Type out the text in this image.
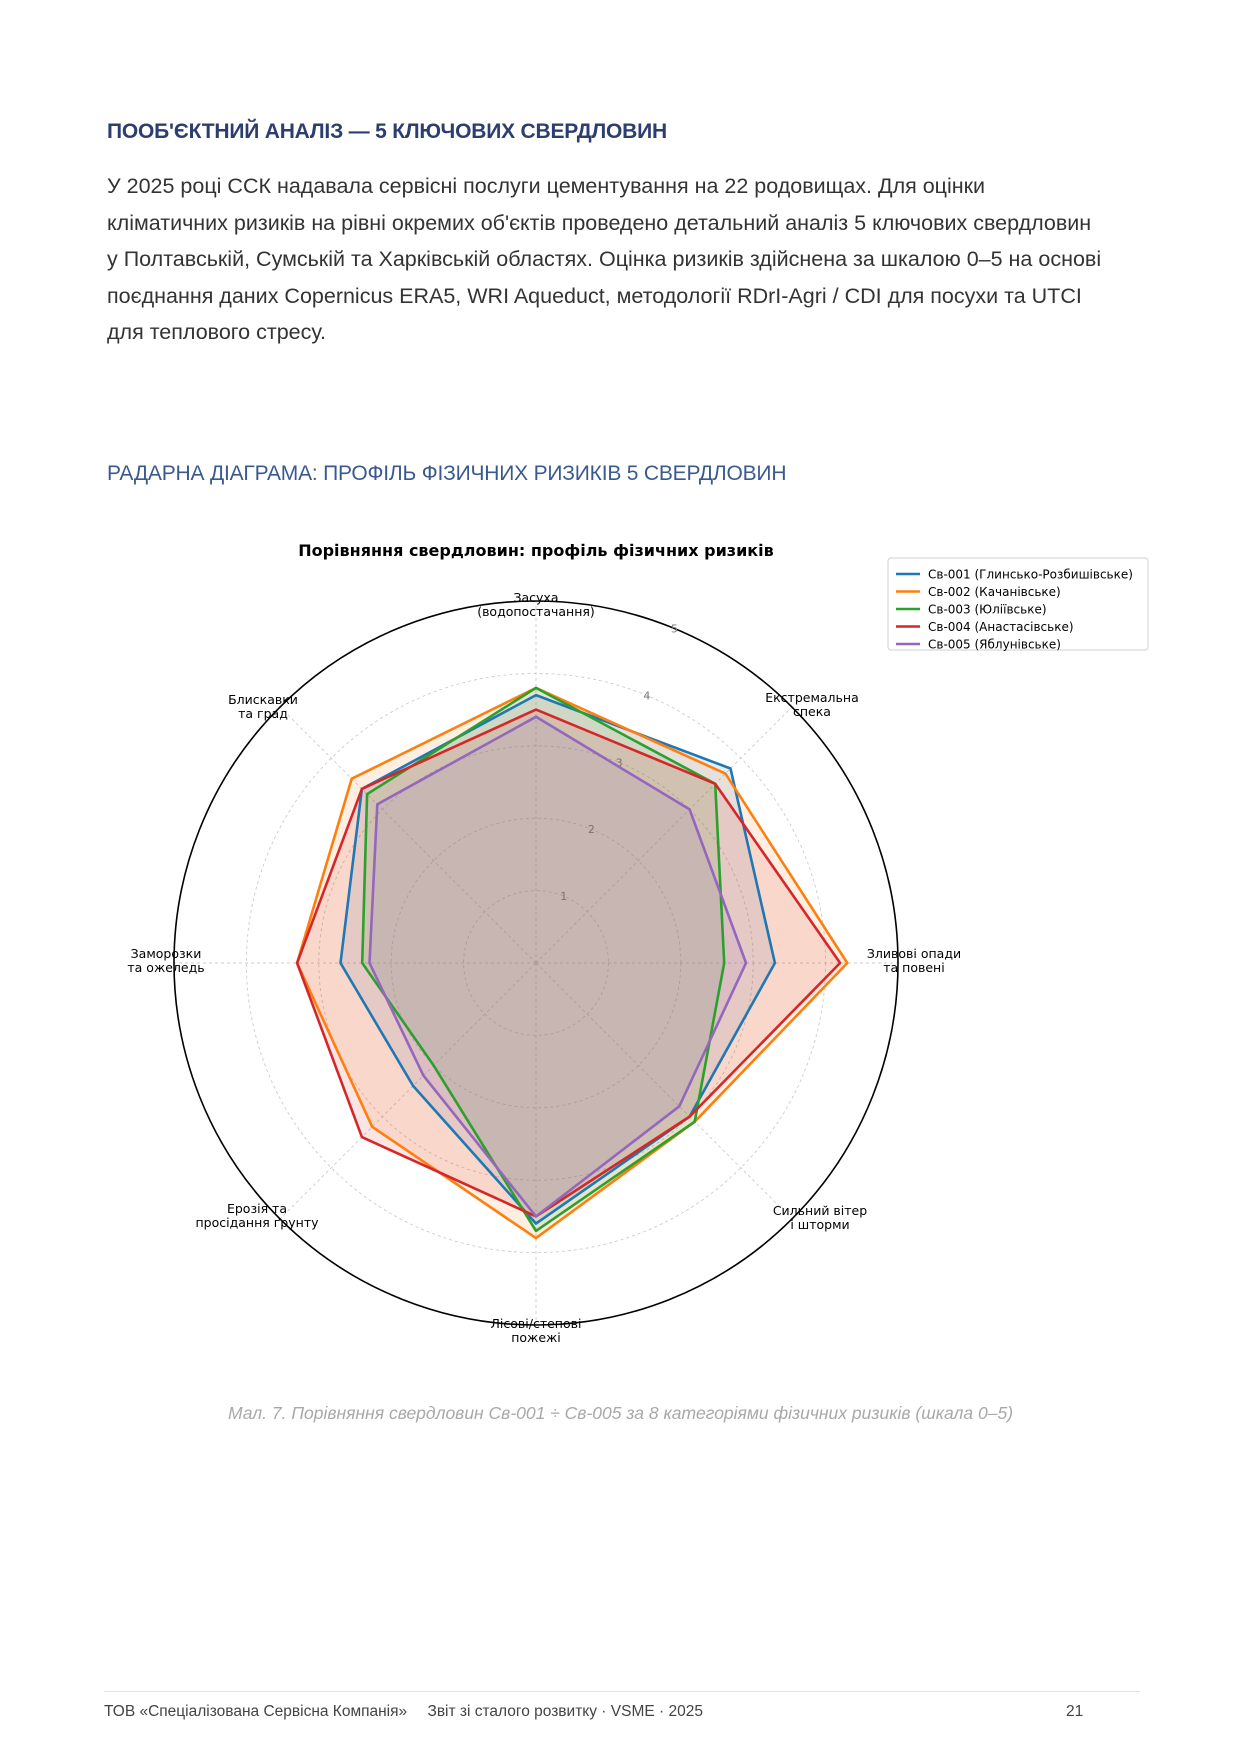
ПООБ'ЄКТНИЙ АНАЛІЗ — 5 КЛЮЧОВИХ СВЕРДЛОВИН

У 2025 році ССК надавала сервісні послуги цементування на 22 родовищах. Для оцінки кліматичних ризиків на рівні окремих об'єктів проведено детальний аналіз 5 ключових свердловин у Полтавській, Сумській та Харківській областях. Оцінка ризиків здійснена за шкалою 0–5 на основі поєднання даних Copernicus ERA5, WRI Aqueduct, методології RDrI-Agri / CDI для посухи та UTCI для теплового стресу.

РАДАРНА ДІАГРАМА: ПРОФІЛЬ ФІЗИЧНИХ РИЗИКІВ 5 СВЕРДЛОВИН
Порівняння свердловин: профіль фізичних ризиків
1
2
3
4
5
Засуха
(водопостачання)
Екстремальна
спека
Зливові опади
та повені
Сильний вітер
і шторми
Лісові/степові
пожежі
Ерозія та
просідання ґрунту
Заморозки
та ожеледь
Блискавки
та град
Св-001 (Глинсько-Розбишівське)
Св-002 (Качанівське)
Св-003 (Юліївське)
Св-004 (Анастасівське)
Св-005 (Яблунівське)
Мал. 7. Порівняння свердловин Св-001 ÷ Св-005 за 8 категоріями фізичних ризиків (шкала 0–5)
ТОВ «Спеціалізована Сервісна Компанія» Звіт зі сталого розвитку · VSME · 2025	21
